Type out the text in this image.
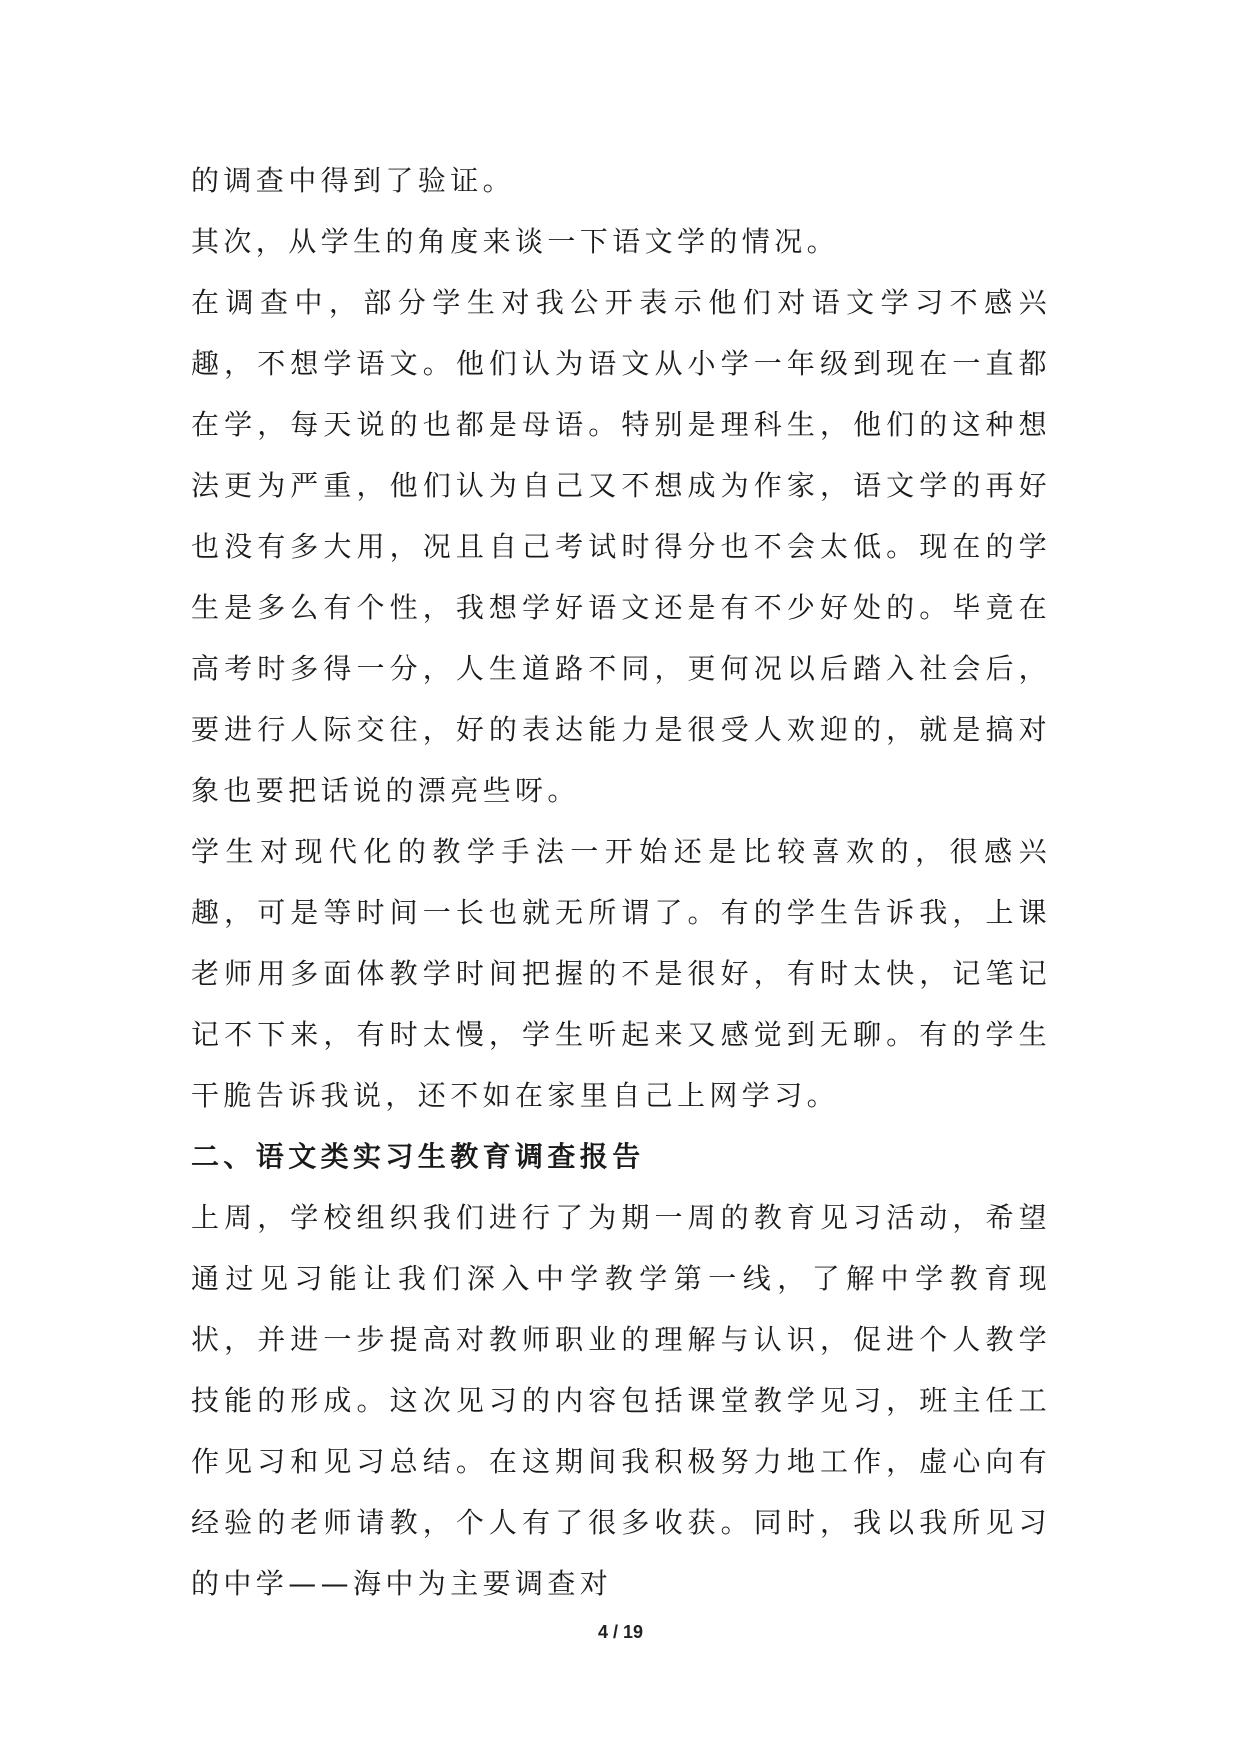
的调查中得到了验证。

其次，从学生的角度来谈一下语文学的情况。

在调查中，部分学生对我公开表示他们对语文学习不感兴趣，不想学语文。他们认为语文从小学一年级到现在一直都在学，每天说的也都是母语。特别是理科生，他们的这种想法更为严重，他们认为自己又不想成为作家，语文学的再好也没有多大用，况且自己考试时得分也不会太低。现在的学生是多么有个性，我想学好语文还是有不少好处的。毕竟在高考时多得一分，人生道路不同，更何况以后踏入社会后，要进行人际交往，好的表达能力是很受人欢迎的，就是搞对象也要把话说的漂亮些呀。

学生对现代化的教学手法一开始还是比较喜欢的，很感兴趣，可是等时间一长也就无所谓了。有的学生告诉我，上课老师用多面体教学时间把握的不是很好，有时太快，记笔记记不下来，有时太慢，学生听起来又感觉到无聊。有的学生干脆告诉我说，还不如在家里自己上网学习。

二、语文类实习生教育调查报告

上周，学校组织我们进行了为期一周的教育见习活动，希望通过见习能让我们深入中学教学第一线，了解中学教育现状，并进一步提高对教师职业的理解与认识，促进个人教学技能的形成。这次见习的内容包括课堂教学见习，班主任工作见习和见习总结。在这期间我积极努力地工作，虚心向有经验的老师请教，个人有了很多收获。同时，我以我所见习的中学——海中为主要调查对

4 / 19
